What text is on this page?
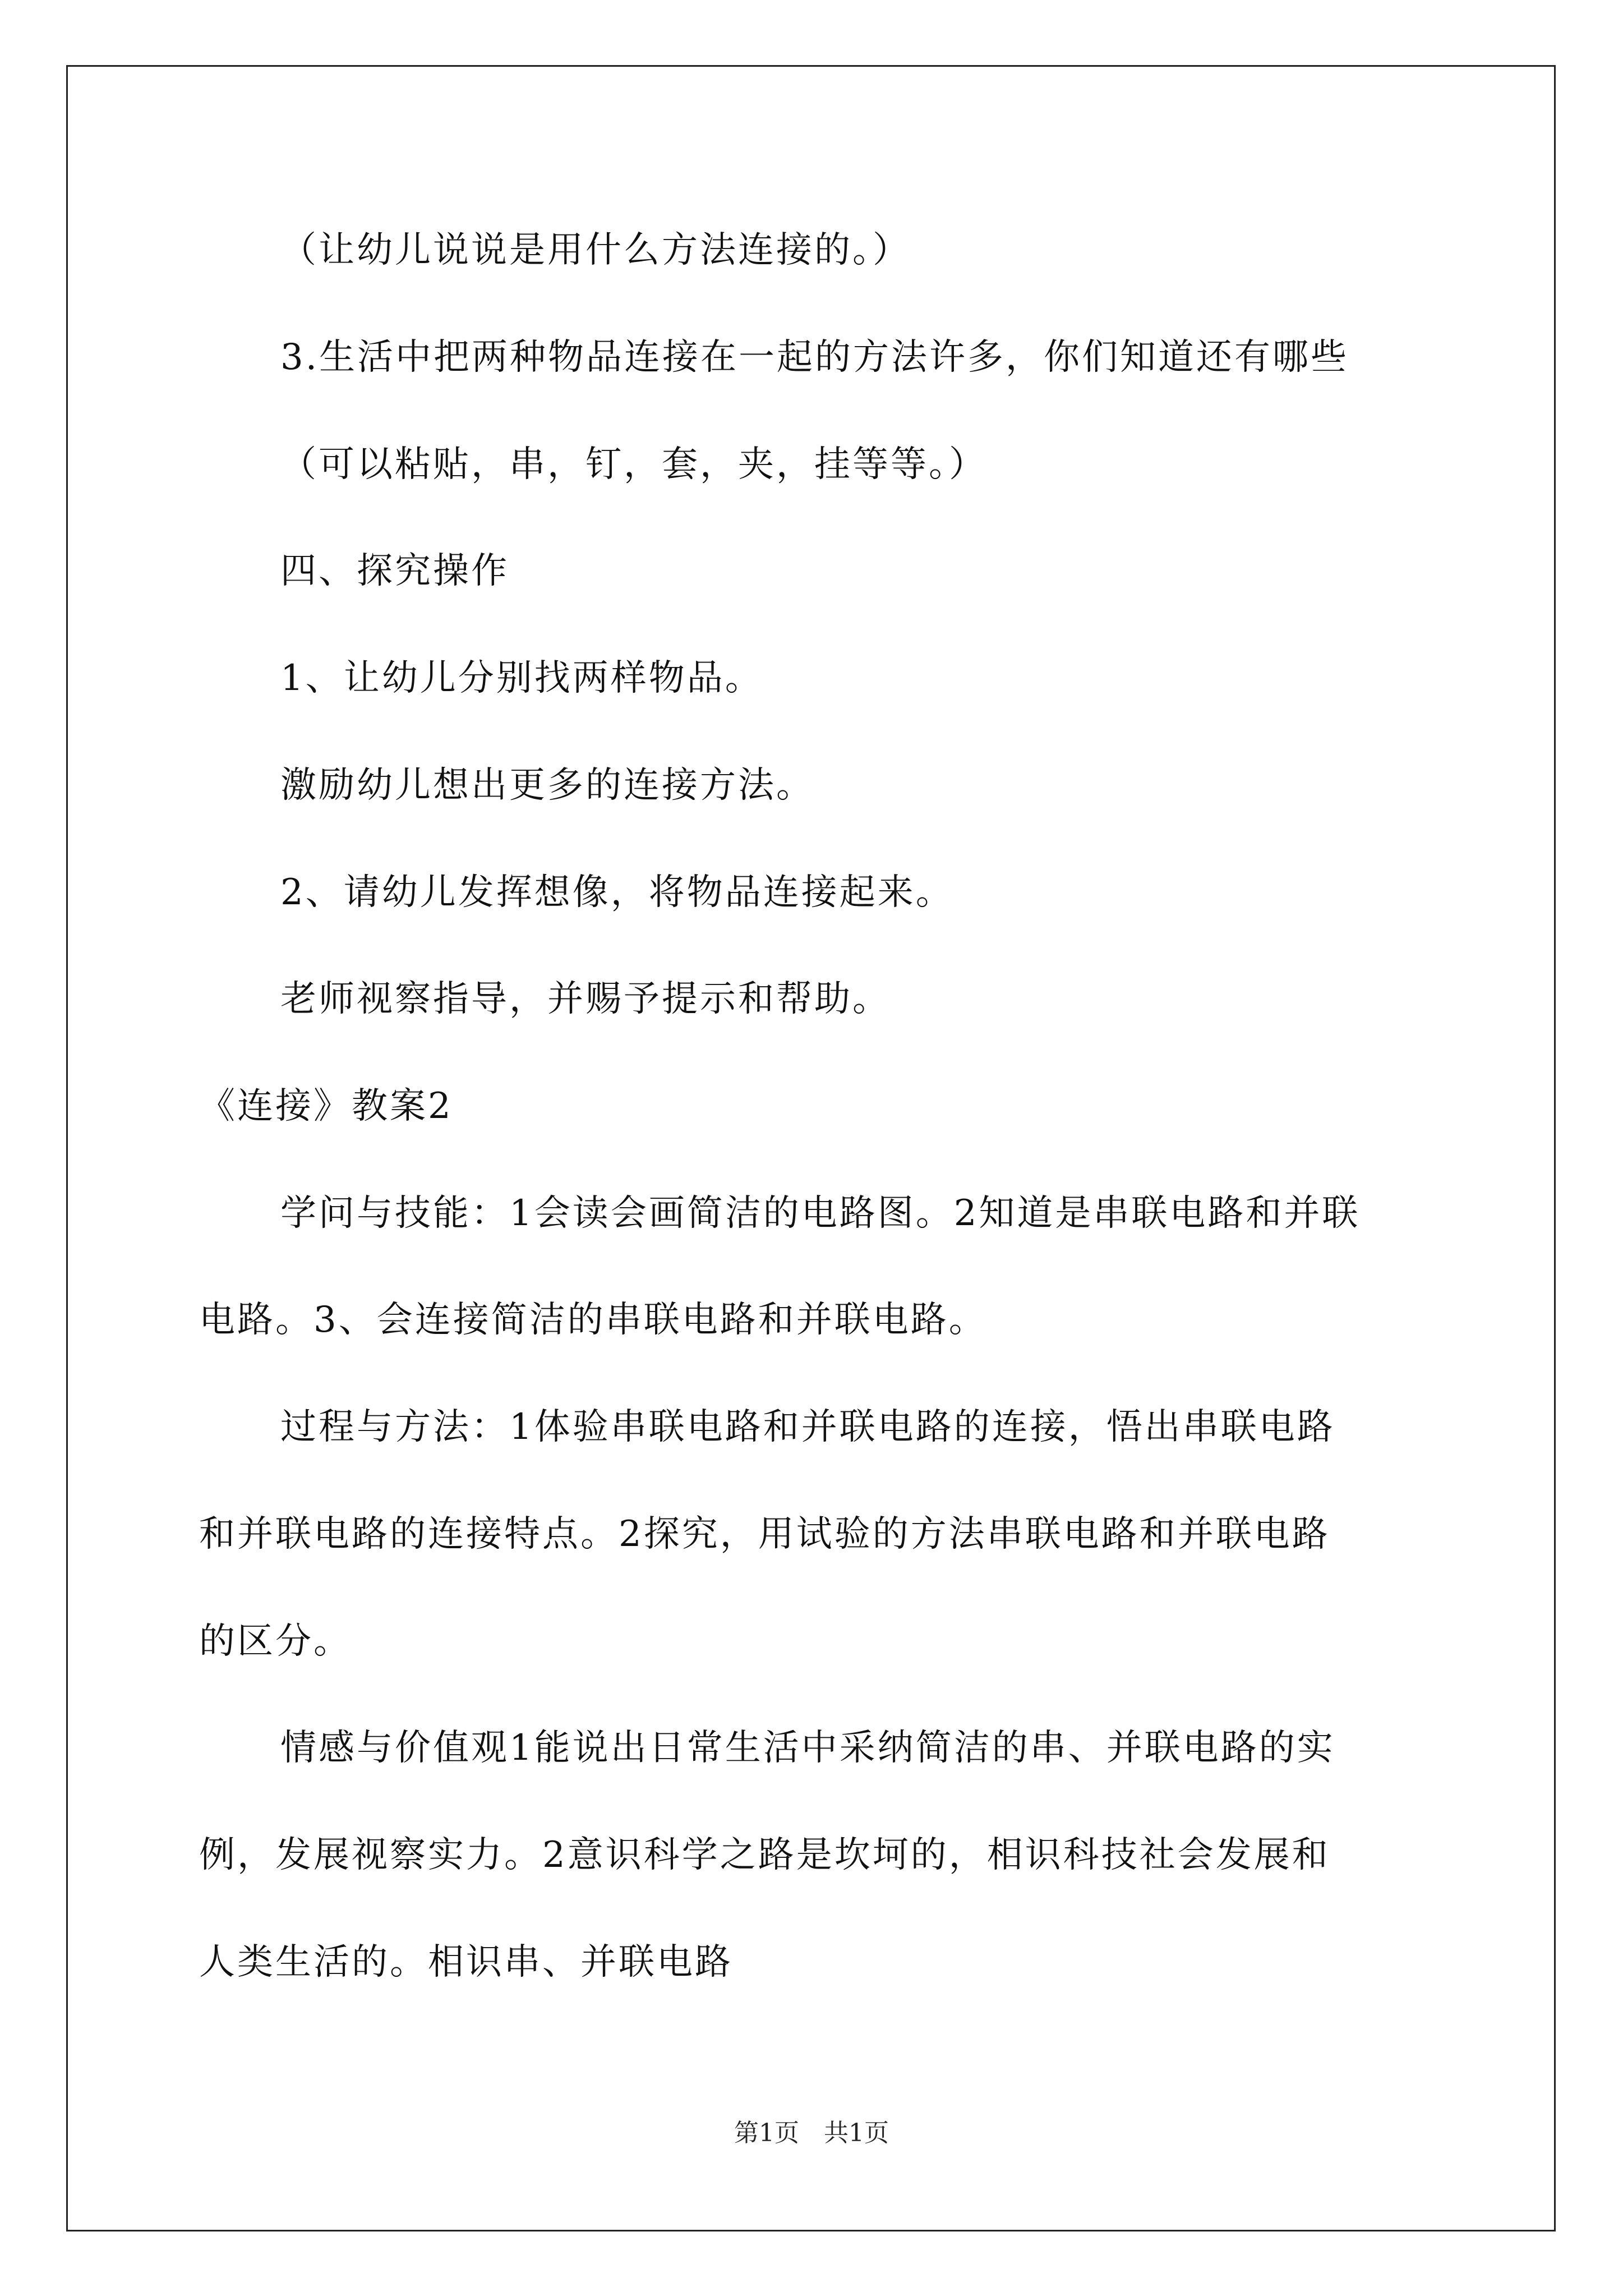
（让幼儿说说是用什么方法连接的。）
3.生活中把两种物品连接在一起的方法许多，你们知道还有哪些
（可以粘贴，串，钉，套，夹，挂等等。）
四、探究操作
1、让幼儿分别找两样物品。
激励幼儿想出更多的连接方法。
2、请幼儿发挥想像，将物品连接起来。
老师视察指导，并赐予提示和帮助。
《连接》教案2
学问与技能：1会读会画简洁的电路图。2知道是串联电路和并联
电路。3、会连接简洁的串联电路和并联电路。
过程与方法：1体验串联电路和并联电路的连接，悟出串联电路
和并联电路的连接特点。2探究，用试验的方法串联电路和并联电路
的区分。
情感与价值观1能说出日常生活中采纳简洁的串、并联电路的实
例，发展视察实力。2意识科学之路是坎坷的，相识科技社会发展和
人类生活的。相识串、并联电路
第1页　共1页
